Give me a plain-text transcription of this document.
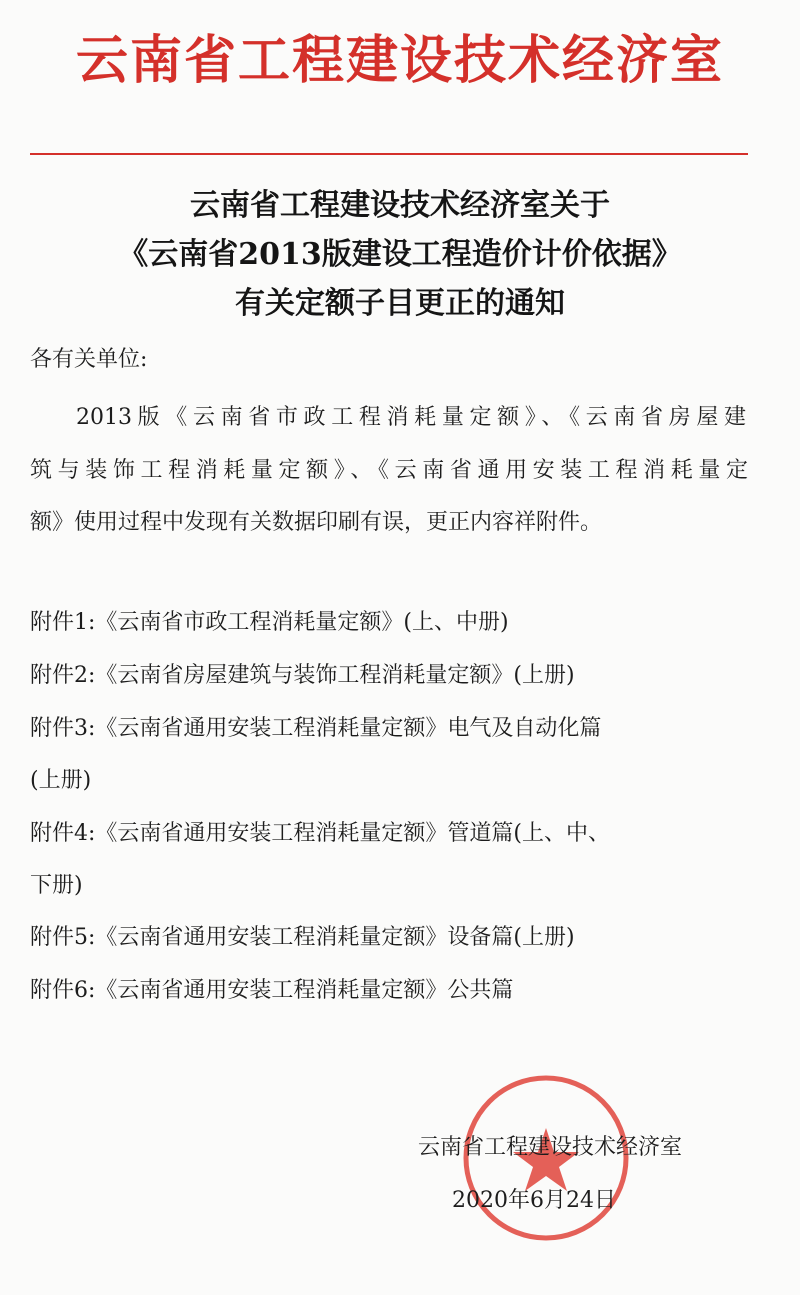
云南省工程建设技术经济室
云南省工程建设技术经济室关于
《云南省2013版建设工程造价计价依据》
有关定额子目更正的通知
各有关单位:
2013版《云南省市政工程消耗量定额》、《云南省房屋建
筑与装饰工程消耗量定额》、《云南省通用安装工程消耗量定
额》使用过程中发现有关数据印刷有误，更正内容祥附件。
附件1:《云南省市政工程消耗量定额》(上、中册)
附件2:《云南省房屋建筑与装饰工程消耗量定额》(上册)
附件3:《云南省通用安装工程消耗量定额》电气及自动化篇
(上册)
附件4:《云南省通用安装工程消耗量定额》管道篇(上、中、
下册)
附件5:《云南省通用安装工程消耗量定额》设备篇(上册)
附件6:《云南省通用安装工程消耗量定额》公共篇
云南省工程建设技术经济室
2020年6月24日
